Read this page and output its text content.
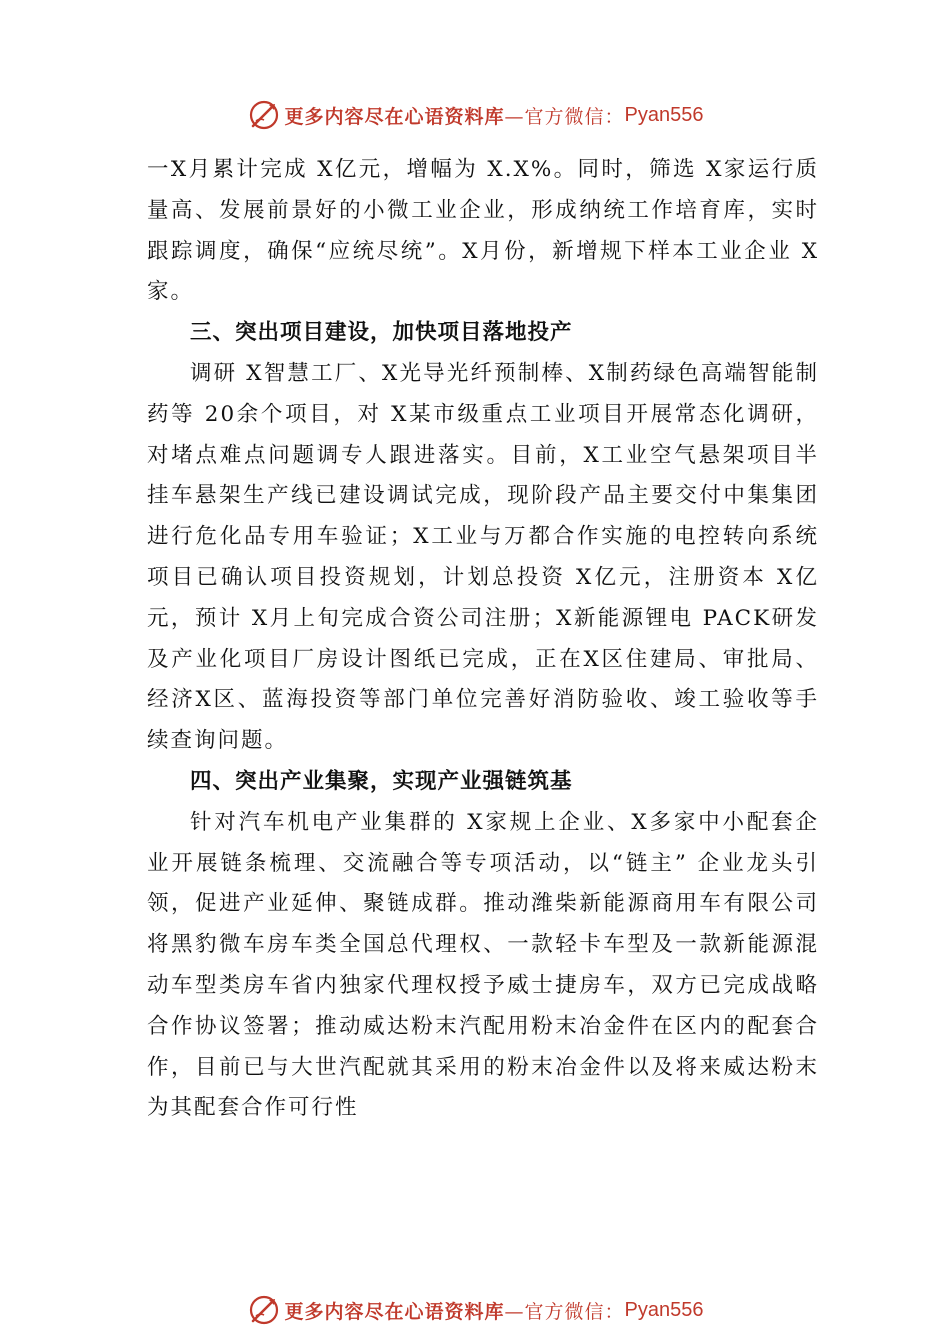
更多内容尽在心语资料库 —官方微信： Pyan556

一X月累计完成 X亿元，增幅为 X.X%。同时，筛选 X家运行质量高、发展前景好的小微工业企业，形成纳统工作培育库，实时跟踪调度，确保“应统尽统”。X月份，新增规下样本工业企业 X家。

三、突出项目建设，加快项目落地投产

调研 X智慧工厂、X光导光纤预制棒、X制药绿色高端智能制药等 20余个项目，对 X某市级重点工业项目开展常态化调研，对堵点难点问题调专人跟进落实。目前，X工业空气悬架项目半挂车悬架生产线已建设调试完成，现阶段产品主要交付中集集团进行危化品专用车验证；X工业与万都合作实施的电控转向系统项目已确认项目投资规划，计划总投资 X亿元，注册资本 X亿元，预计 X月上旬完成合资公司注册；X新能源锂电 PACK研发及产业化项目厂房设计图纸已完成，正在X区住建局、审批局、经济X区、蓝海投资等部门单位完善好消防验收、竣工验收等手续查询问题。

四、突出产业集聚，实现产业强链筑基

针对汽车机电产业集群的 X家规上企业、X多家中小配套企业开展链条梳理、交流融合等专项活动，以“链主” 企业龙头引领，促进产业延伸、聚链成群。推动潍柴新能源商用车有限公司将黑豹微车房车类全国总代理权、一款轻卡车型及一款新能源混动车型类房车省内独家代理权授予威士捷房车，双方已完成战略合作协议签署；推动威达粉末汽配用粉末冶金件在区内的配套合作，目前已与大世汽配就其采用的粉末冶金件以及将来威达粉末为其配套合作可行性

更多内容尽在心语资料库 —官方微信： Pyan556
